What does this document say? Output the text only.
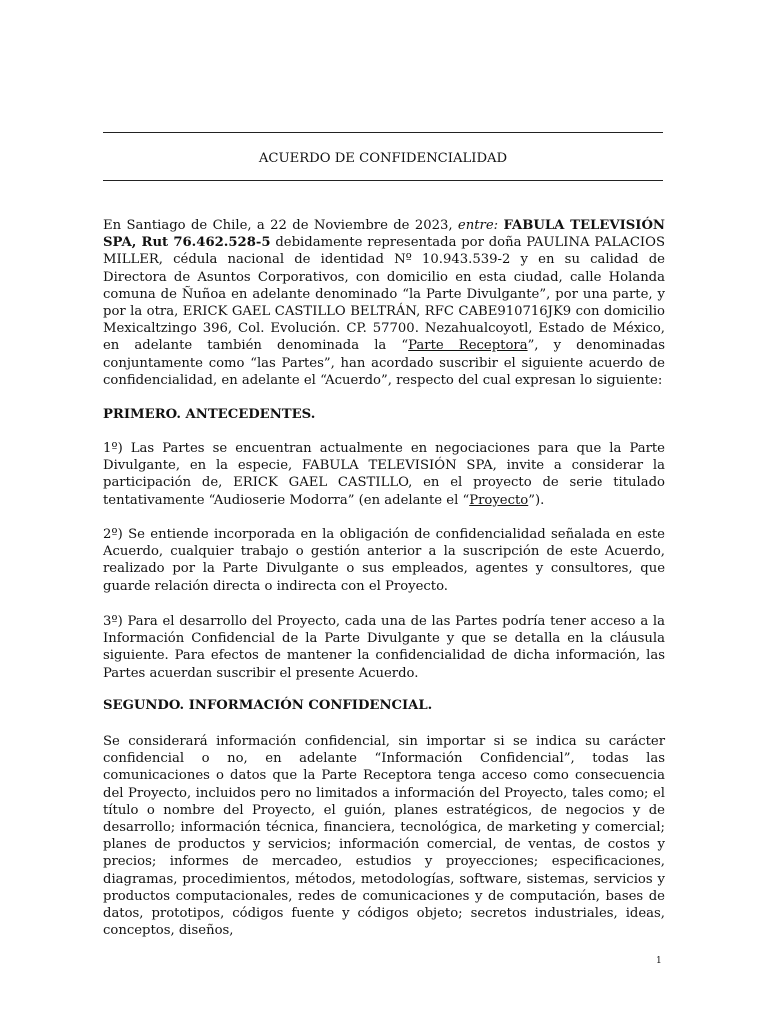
ACUERDO DE CONFIDENCIALIDAD

En Santiago de Chile, a 22 de Noviembre de 2023, entre: FABULA TELEVISIÓN SPA, Rut 76.462.528-5 debidamente representada por doña PAULINA PALACIOS MILLER, cédula nacional de identidad Nº 10.943.539-2 y en su calidad de Directora de Asuntos Corporativos, con domicilio en esta ciudad, calle Holanda comuna de Ñuñoa en adelante denominado “la Parte Divulgante”, por una parte, y por la otra, ERICK GAEL CASTILLO BELTRÁN, RFC CABE910716JK9 con domicilio Mexicaltzingo 396, Col. Evolución. CP. 57700. Nezahualcoyotl, Estado de México, en adelante también denominada la “Parte Receptora”, y denominadas conjuntamente como “las Partes”, han acordado suscribir el siguiente acuerdo de confidencialidad, en adelante el “Acuerdo”, respecto del cual expresan lo siguiente:

PRIMERO. ANTECEDENTES.

1º) Las Partes se encuentran actualmente en negociaciones para que la Parte Divulgante, en la especie, FABULA TELEVISIÓN SPA, invite a considerar la participación de, ERICK GAEL CASTILLO, en el proyecto de serie titulado tentativamente “Audioserie Modorra” (en adelante el “Proyecto”).

2º) Se entiende incorporada en la obligación de confidencialidad señalada en este Acuerdo, cualquier trabajo o gestión anterior a la suscripción de este Acuerdo, realizado por la Parte Divulgante o sus empleados, agentes y consultores, que guarde relación directa o indirecta con el Proyecto.

3º) Para el desarrollo del Proyecto, cada una de las Partes podría tener acceso a la Información Confidencial de la Parte Divulgante y que se detalla en la cláusula siguiente. Para efectos de mantener la confidencialidad de dicha información, las Partes acuerdan suscribir el presente Acuerdo.

SEGUNDO. INFORMACIÓN CONFIDENCIAL.

Se considerará información confidencial, sin importar si se indica su carácter confidencial o no, en adelante “Información Confidencial”, todas las comunicaciones o datos que la Parte Receptora tenga acceso como consecuencia del Proyecto, incluidos pero no limitados a información del Proyecto, tales como; el título o nombre del Proyecto, el guión, planes estratégicos, de negocios y de desarrollo; información técnica, financiera, tecnológica, de marketing y comercial; planes de productos y servicios; información comercial, de ventas, de costos y precios; informes de mercadeo, estudios y proyecciones; especificaciones, diagramas, procedimientos, métodos, metodologías, software, sistemas, servicios y productos computacionales, redes de comunicaciones y de computación, bases de datos, prototipos, códigos fuente y códigos objeto; secretos industriales, ideas, conceptos, diseños,

1
